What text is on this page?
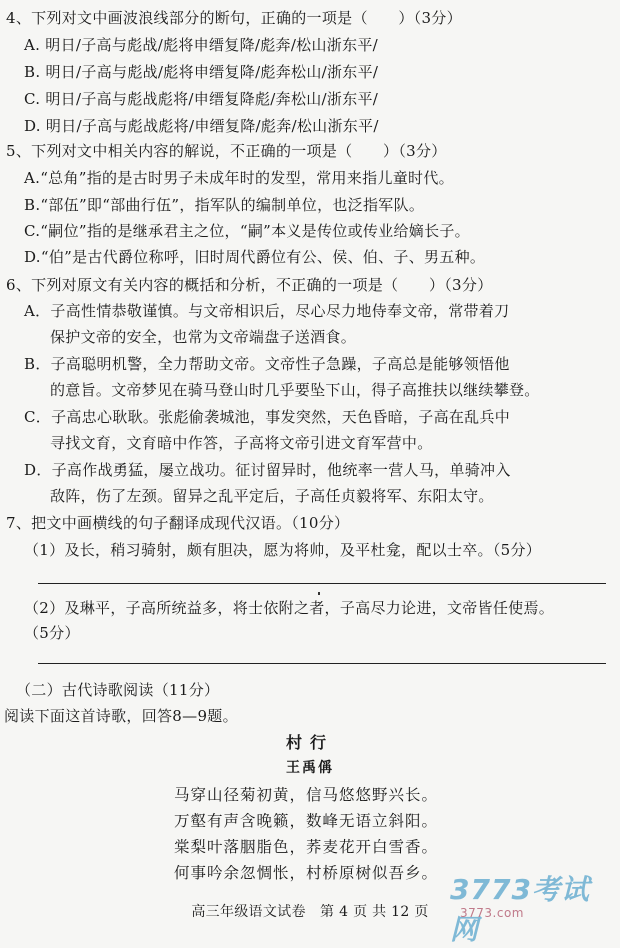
4、下列对文中画波浪线部分的断句，正确的一项是（　　）（3分）
A. 明日/子高与彪战/彪将申缙复降/彪奔/松山浙东平/
B. 明日/子高与彪战/彪将申缙复降/彪奔松山/浙东平/
C. 明日/子高与彪战彪将/申缙复降彪/奔松山/浙东平/
D. 明日/子高与彪战彪将/申缙复降/彪奔/松山浙东平/
5、下列对文中相关内容的解说，不正确的一项是（　　）（3分）
A.“总角”指的是古时男子未成年时的发型，常用来指儿童时代。
B.“部伍”即“部曲行伍”，指军队的编制单位，也泛指军队。
C.“嗣位”指的是继承君主之位，“嗣”本义是传位或传业给嫡长子。
D.“伯”是古代爵位称呼，旧时周代爵位有公、侯、伯、子、男五种。
6、下列对原文有关内容的概括和分析，不正确的一项是（　　）（3分）
A．子高性情恭敬谨慎。与文帝相识后，尽心尽力地侍奉文帝，常带着刀
保护文帝的安全，也常为文帝端盘子送酒食。
B．子高聪明机警，全力帮助文帝。文帝性子急躁，子高总是能够领悟他
的意旨。文帝梦见在骑马登山时几乎要坠下山，得子高推扶以继续攀登。
C．子高忠心耿耿。张彪偷袭城池，事发突然，天色昏暗，子高在乱兵中
寻找文育，文育暗中作答，子高将文帝引进文育军营中。
D．子高作战勇猛，屡立战功。征讨留异时，他统率一营人马，单骑冲入
敌阵，伤了左颈。留异之乱平定后，子高任贞毅将军、东阳太守。
7、把文中画横线的句子翻译成现代汉语。（10分）
（1）及长，稍习骑射，颇有胆决，愿为将帅，及平杜龛，配以士卒。（5分）
（2）及琳平，子高所统益多，将士依附之者，子高尽力论进，文帝皆任使焉。
（5分）
（二）古代诗歌阅读（11分）
阅读下面这首诗歌，回答8—9题。
村行
王禹偁
马穿山径菊初黄，信马悠悠野兴长。
万壑有声含晚籁，数峰无语立斜阳。
棠梨叶落胭脂色，荞麦花开白雪香。
何事吟余忽惆怅，村桥原树似吾乡。
高三年级语文试卷　第 4 页 共 12 页
3773考试网
3773.com
